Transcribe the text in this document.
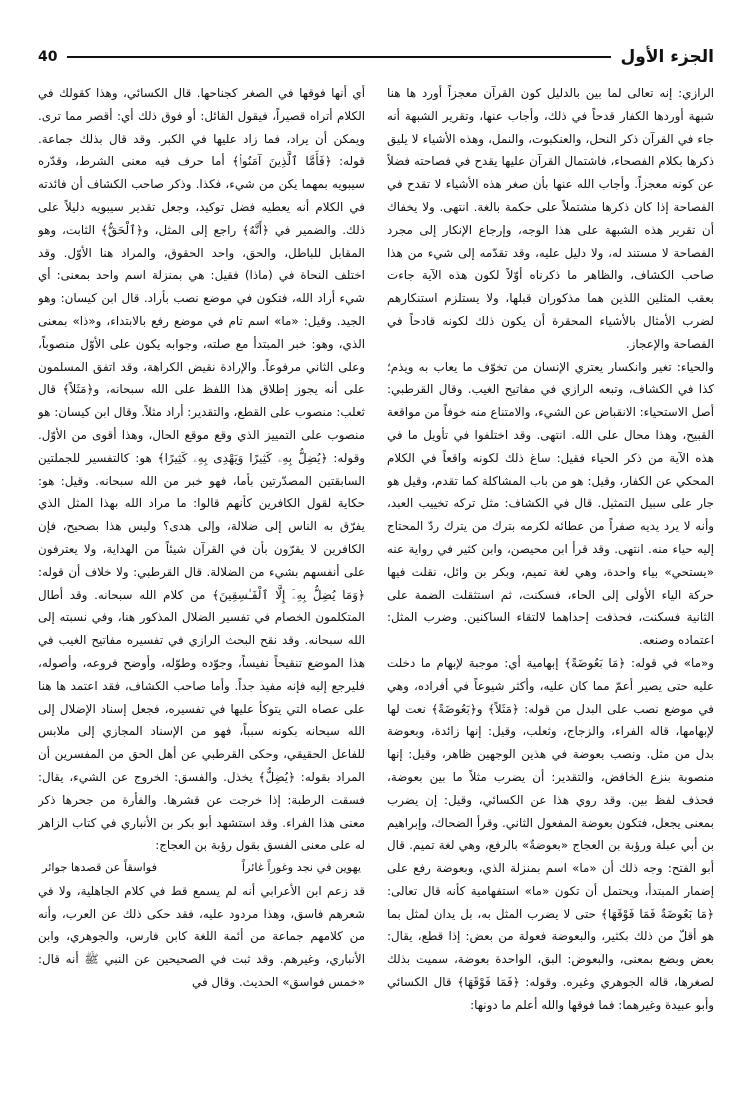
40	الجزء الأول

الرازي: إنه تعالى لما بين بالدليل كون القرآن معجزاً أورد ها هنا شبهة أوردها الكفار قدحاً في ذلك، وأجاب عنها، وتقرير الشبهة أنه جاء في القرآن ذكر النحل، والعنكبوت، والنمل، وهذه الأشياء لا يليق ذكرها بكلام الفصحاء، فاشتمال القرآن عليها يقدح في فصاحته فضلاً عن كونه معجزاً. وأجاب الله عنها بأن صغر هذه الأشياء لا تقدح في الفصاحة إذا كان ذكرها مشتملاً على حكمة بالغة. انتهى. ولا يخفاك أن تقرير هذه الشبهة على هذا الوجه، وإرجاع الإنكار إلى مجرد الفصاحة لا مستند له، ولا دليل عليه، وقد تقدّمه إلى شيء من هذا صاحب الكشاف، والظاهر ما ذكرناه أوّلاً لكون هذه الآية جاءت بعقب المثلين اللذين هما مذكوران قبلها، ولا يستلزم استنكارهم لضرب الأمثال بالأشياء المحقرة أن يكون ذلك لكونه قادحاً في الفصاحة والإعجاز.

والحياء: تغير وانكسار يعتري الإنسان من تخوّف ما يعاب به ويذم؛ كذا في الكشاف، وتبعه الرازي في مفاتيح الغيب. وقال القرطبي: أصل الاستحياء: الانقباض عن الشيء، والامتناع منه خوفاً من مواقعة القبيح، وهذا محال على الله. انتهى. وقد اختلفوا في تأويل ما في هذه الآية من ذكر الحياء فقيل: ساغ ذلك لكونه واقعاً في الكلام المحكي عن الكفار، وقيل: هو من باب المشاكلة كما تقدم، وقيل هو جار على سبيل التمثيل. قال في الكشاف: مثل تركه تخييب العبد، وأنه لا يرد يديه صفراً من عطائه لكرمه بترك من يترك ردّ المحتاج إليه حياء منه. انتهى. وقد قرأ ابن محيصن، وابن كثير في رواية عنه «يستحي» بياء واحدة، وهي لغة تميم، وبكر بن وائل، نقلت فيها حركة الياء الأولى إلى الحاء، فسكنت، ثم استثقلت الضمة على الثانية فسكنت، فحذفت إحداهما لالتقاء الساكنين. وضرب المثل: اعتماده وصنعه.

و«ما» في قوله: ﴿مَا بَعُوضَةً﴾ إبهامية أي: موجبة لإبهام ما دخلت عليه حتى يصير أعمّ مما كان عليه، وأكثر شيوعاً في أفراده، وهي في موضع نصب على البدل من قوله: ﴿مَثَلاً﴾ و﴿بَعُوضَةً﴾ نعت لها لإبهامها، قاله الفراء، والزجاج، وثعلب، وقيل: إنها زائدة، وبعوضة بدل من مثل. ونصب بعوضة في هذين الوجهين ظاهر، وقيل: إنها منصوبة بنزع الخافض، والتقدير: أن يضرب مثلاً ما بين بعوضة، فحذف لفظ بين. وقد روي هذا عن الكسائي، وقيل: إن يضرب بمعنى يجعل، فتكون بعوضة المفعول الثاني. وقرأ الضحاك، وإبراهيم بن أبي عبلة ورؤبة بن العجاج «بعوضةٌ» بالرفع، وهي لغة تميم. قال أبو الفتح: وجه ذلك أن «ما» اسم بمنزلة الذي، وبعوضة رفع على إضمار المبتدأ، ويحتمل أن تكون «ما» استفهامية كأنه قال تعالى: ﴿مَا بَعُوضَةٌ فَمَا فَوْقَهَا﴾ حتى لا يضرب المثل به، بل يدان لمثل بما هو أقلّ من ذلك بكثير، والبعوضة فعولة من بعض: إذا قطع، يقال: بعض وبضع بمعنى، والبعوض: البق، الواحدة بعوضة، سميت بذلك لصغرها، قاله الجوهري وغيره. وقوله: ﴿فَمَا فَوْقَهَا﴾ قال الكسائي وأبو عبيدة وغيرهما: فما فوقها والله أعلم ما دونها:

أي أنها فوقها في الصغر كجناحها. قال الكسائي، وهذا كقولك في الكلام أتراه قصيراً، فيقول القائل: أو فوق ذلك أي: أقصر مما ترى. ويمكن أن يراد، فما زاد عليها في الكبر. وقد قال بذلك جماعة. قوله: ﴿فَأَمَّا ٱلَّذِينَ آمَنُوا۟﴾ أما حرف فيه معنى الشرط، وقدّره سيبويه بمهما يكن من شيء، فكذا. وذكر صاحب الكشاف أن فائدته في الكلام أنه يعطيه فضل توكيد، وجعل تقدير سيبويه دليلاً على ذلك. والضمير في ﴿أَنَّهُ﴾ راجع إلى المثل، و﴿ٱلْحَقُّ﴾ الثابت، وهو المقابل للباطل، والحق، واحد الحقوق، والمراد هنا الأوّل. وقد اختلف النحاة في (ماذا) فقيل: هي بمنزلة اسم واحد بمعنى: أي شيء أراد الله، فتكون في موضع نصب بأراد. قال ابن كيسان: وهو الجيد. وقيل: «ما» اسم تام في موضع رفع بالابتداء، و«ذا» بمعنى الذي، وهو: خبر المبتدأ مع صلته، وجوابه يكون على الأوّل منصوباً، وعلى الثاني مرفوعاً. والإرادة نقيض الكراهة، وقد اتفق المسلمون على أنه يجوز إطلاق هذا اللفظ على الله سبحانه، و﴿مَثَلاً﴾ قال ثعلب: منصوب على القطع، والتقدير: أراد مثلاً. وقال ابن كيسان: هو منصوب على التمييز الذي وقع موقع الحال، وهذا أقوى من الأوّل. وقوله: ﴿يُضِلُّ بِهِۦ كَثِيرًا وَيَهْدِى بِهِۦ كَثِيرًا﴾ هو: كالتفسير للجملتين السابقتين المصدّرتين بأما، فهو خبر من الله سبحانه. وقيل: هو: حكاية لقول الكافرين كأنهم قالوا: ما مراد الله بهذا المثل الذي يفرّق به الناس إلى ضلالة، وإلى هدى؟ وليس هذا بصحيح، فإن الكافرين لا يقرّون بأن في القرآن شيئاً من الهداية، ولا يعترفون على أنفسهم بشيء من الضلالة. قال القرطبي: ولا خلاف أن قوله: ﴿وَمَا يُضِلُّ بِهِۦٓ إِلَّا ٱلْفَـٰسِقِينَ﴾ من كلام الله سبحانه. وقد أطال المتكلمون الخصام في تفسير الضلال المذكور هنا، وفي نسبته إلى الله سبحانه. وقد نقح البحث الرازي في تفسيره مفاتيح الغيب في هذا الموضع تنقيحاً نفيساً، وجوّده وطوّله، وأوضح فروعه، وأصوله، فليرجع إليه فإنه مفيد جداً. وأما صاحب الكشاف، فقد اعتمد ها هنا على عصاه التي يتوكأ عليها في تفسيره، فجعل إسناد الإضلال إلى الله سبحانه بكونه سبباً، فهو من الإسناد المجازي إلى ملابس للفاعل الحقيقي، وحكى القرطبي عن أهل الحق من المفسرين أن المراد بقوله: ﴿يُضِلُّ﴾ يخذل. والفسق: الخروج عن الشيء، يقال: فسقت الرطبة: إذا خرجت عن قشرها. والفأرة من جحرها ذكر معنى هذا الفراء. وقد استشهد أبو بكر بن الأنباري في كتاب الزاهر له على معنى الفسق بقول رؤبة بن العجاج:

يهوين في نجد وغوراً غائراً
فواسقاً عن قصدها جوائر

قد زعم ابن الأعرابي أنه لم يسمع قط في كلام الجاهلية، ولا في شعرهم فاسق، وهذا مردود عليه، فقد حكى ذلك عن العرب، وأنه من كلامهم جماعة من أئمة اللغة كابن فارس، والجوهري، وابن الأنباري، وغيرهم. وقد ثبت في الصحيحين عن النبي ﷺ أنه قال: «خمس فواسق» الحديث. وقال في
